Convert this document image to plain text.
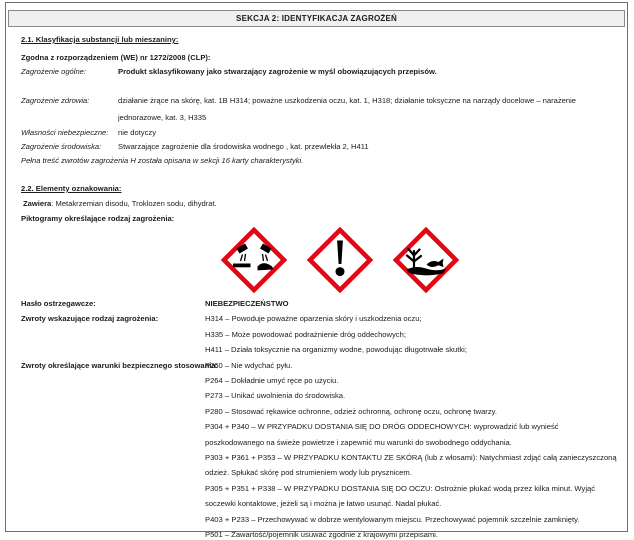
SEKCJA 2: IDENTYFIKACJA ZAGROŻEŃ
2.1. Klasyfikacja substancji lub mieszaniny:
Zgodna z rozporządzeniem (WE) nr 1272/2008 (CLP):
Zagrożenie ogólne:	Produkt sklasyfikowany jako stwarzający zagrożenie w myśl obowiązujących przepisów.
Zagrożenie zdrowia:	działanie żrące na skórę, kat. 1B H314; poważne uszkodzenia oczu, kat. 1, H318; działanie toksyczne na narządy docelowe – narażenie
jednorazowe, kat. 3, H335
Własności niebezpieczne:	nie dotyczy
Zagrożenie środowiska:	Stwarzające zagrożenie dla środowiska wodnego , kat. przewlekła 2, H411
Pełna treść zwrotów zagrożenia H została opisana w sekcji 16 karty charakterystyki.
2.2. Elementy oznakowania:
Zawiera: Metakrzemian disodu, Troklozen sodu, dihydrat.
Piktogramy określające rodzaj zagrożenia:
Hasło ostrzegawcze:	NIEBEZPIECZEŃSTWO
Zwroty wskazujące rodzaj zagrożenia:	H314 – Powoduje poważne oparzenia skóry i uszkodzenia oczu;
H335 – Może powodować podrażnienie dróg oddechowych;
H411 – Działa toksycznie na organizmy wodne, powodując długotrwałe skutki;
Zwroty określające warunki bezpiecznego stosowania:
P260 – Nie wdychać pyłu.
P264 – Dokładnie umyć ręce po użyciu.
P273 – Unikać uwolnienia do środowiska.
P280 – Stosować rękawice ochronne, odzież ochronną, ochronę oczu, ochronę twarzy.
P304 + P340 – W PRZYPADKU DOSTANIA SIĘ DO DRÓG ODDECHOWYCH: wyprowadzić lub wynieść
poszkodowanego na świeże powietrze i zapewnić mu warunki do swobodnego oddychania.
P303 + P361 + P353 – W PRZYPADKU KONTAKTU ZE SKÓRĄ (lub z włosami): Natychmiast zdjąć całą zanieczyszczoną
odzież. Spłukać skórę pod strumieniem wody lub prysznicem.
P305 + P351 + P338 – W PRZYPADKU DOSTANIA SIĘ DO OCZU: Ostrożnie płukać wodą przez kilka minut. Wyjąć
soczewki kontaktowe, jeżeli są i można je łatwo usunąć. Nadal płukać.
P403 + P233 – Przechowywać w dobrze wentylowanym miejscu. Przechowywać pojemnik szczelnie zamknięty.
P501 – Zawartość/pojemnik usuwać zgodnie z krajowymi przepisami.
